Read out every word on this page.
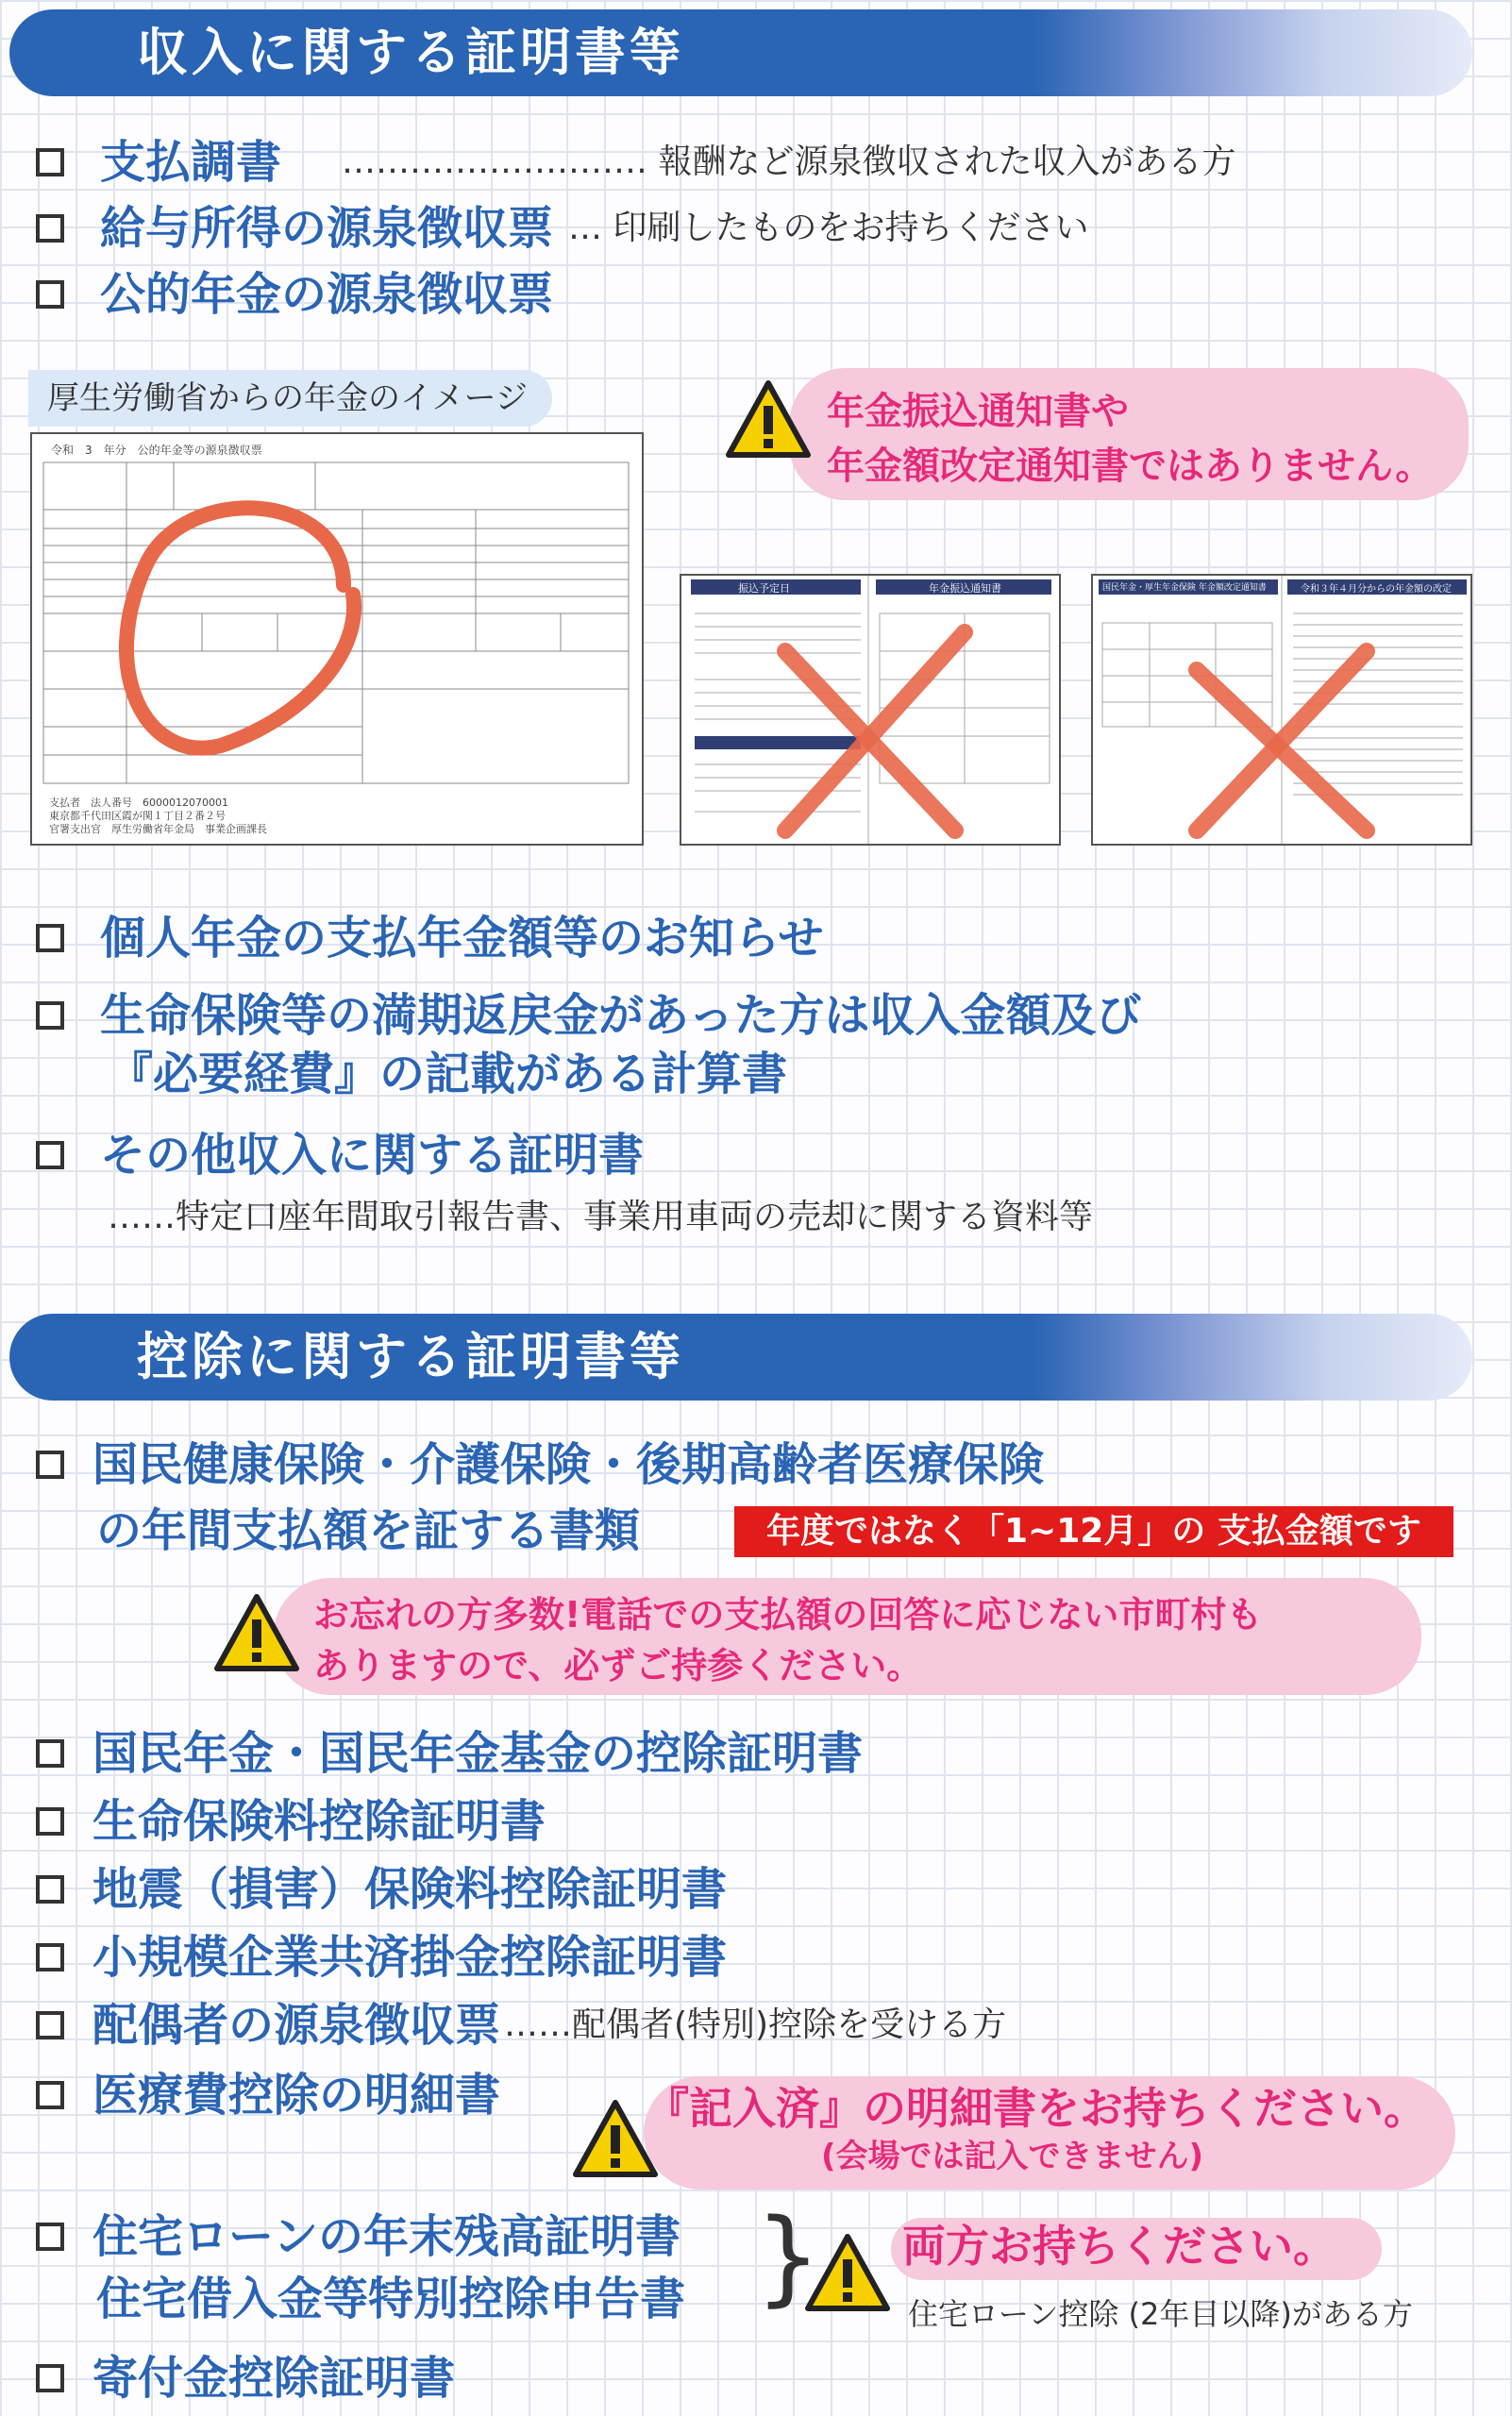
収入に関する証明書等
支払調書 ……………………… 報酬など源泉徴収された収入がある方
給与所得の源泉徴収票 … 印刷したものをお持ちください
公的年金の源泉徴収票
厚生労働省からの年金のイメージ
令和　3　年分　公的年金等の源泉徴収票
支払者　法人番号　6000012070001
東京都千代田区霞が関１丁目２番２号
官署支出官　厚生労働省年金局　事業企画課長
年金振込通知書や
年金額改定通知書ではありません。
振込予定日	年金振込通知書	国民年金・厚生年金保険 年金額改定通知書	令和３年４月分からの年金額の改定
個人年金の支払年金額等のお知らせ
生命保険等の満期返戻金があった方は収入金額及び
『必要経費』の記載がある計算書
その他収入に関する証明書
……特定口座年間取引報告書、事業用車両の売却に関する資料等
控除に関する証明書等
国民健康保険・介護保険・後期高齢者医療保険
の年間支払額を証する書類	年度ではなく「1~12月」の 支払金額です
お忘れの方多数!電話での支払額の回答に応じない市町村も
ありますので、必ずご持参ください。
国民年金・国民年金基金の控除証明書
生命保険料控除証明書
地震（損害）保険料控除証明書
小規模企業共済掛金控除証明書
配偶者の源泉徴収票 ……配偶者(特別)控除を受ける方
医療費控除の明細書	『記入済』の明細書をお持ちください。
(会場では記入できません)
住宅ローンの年末残高証明書
住宅借入金等特別控除申告書 } 両方お持ちください。
住宅ローン控除 (2年目以降)がある方
寄付金控除証明書
